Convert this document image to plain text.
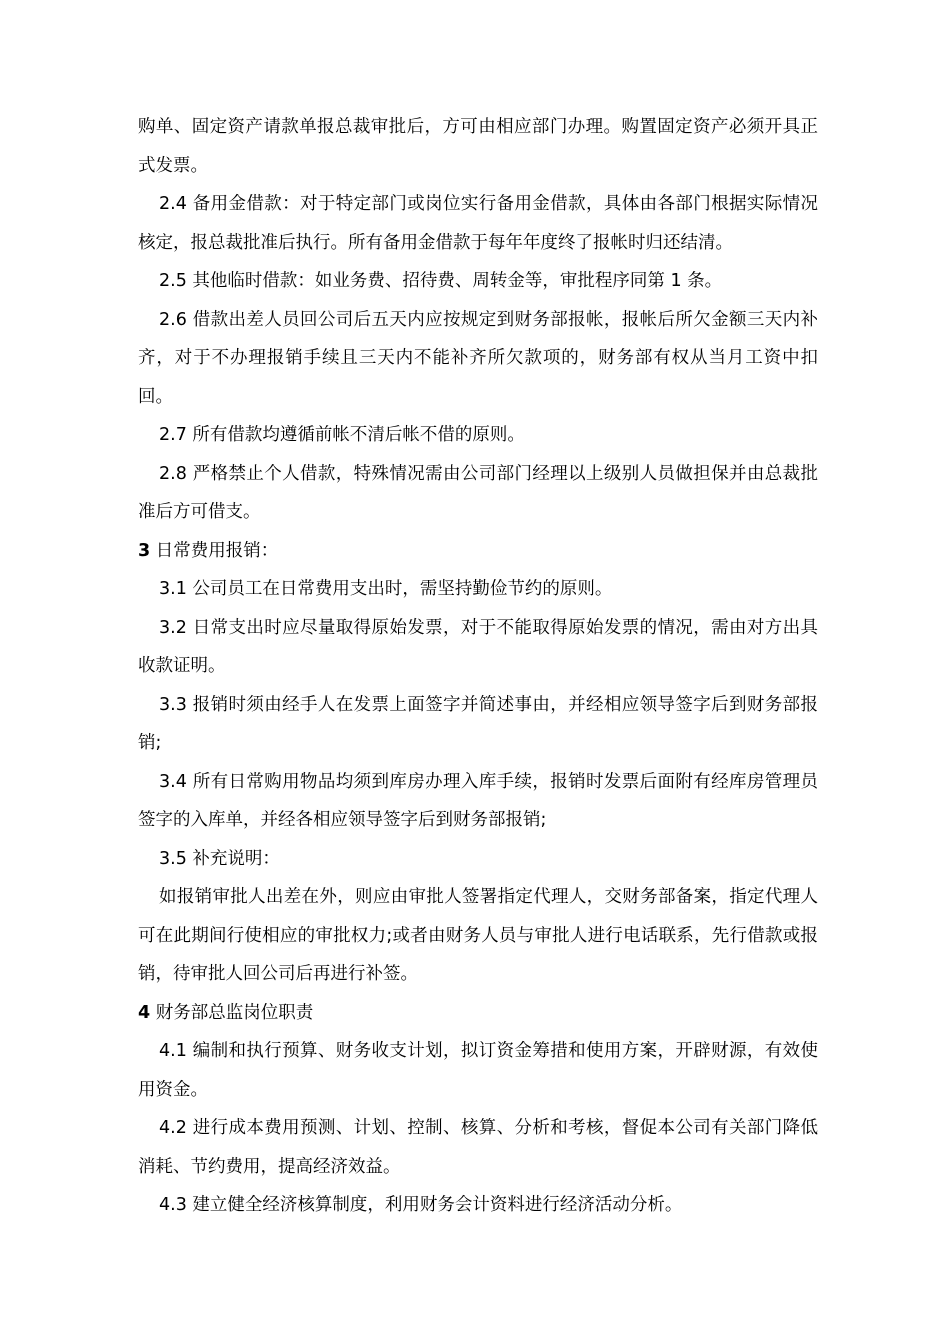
购单、固定资产请款单报总裁审批后，方可由相应部门办理。购置固定资产必须开具正式发票。

2.4 备用金借款：对于特定部门或岗位实行备用金借款，具体由各部门根据实际情况核定，报总裁批准后执行。所有备用金借款于每年年度终了报帐时归还结清。

2.5 其他临时借款：如业务费、招待费、周转金等，审批程序同第 1 条。

2.6 借款出差人员回公司后五天内应按规定到财务部报帐，报帐后所欠金额三天内补齐，对于不办理报销手续且三天内不能补齐所欠款项的，财务部有权从当月工资中扣回。

2.7 所有借款均遵循前帐不清后帐不借的原则。

2.8 严格禁止个人借款，特殊情况需由公司部门经理以上级别人员做担保并由总裁批准后方可借支。

3 日常费用报销：

3.1 公司员工在日常费用支出时，需坚持勤俭节约的原则。

3.2 日常支出时应尽量取得原始发票，对于不能取得原始发票的情况，需由对方出具收款证明。

3.3 报销时须由经手人在发票上面签字并简述事由，并经相应领导签字后到财务部报销;

3.4 所有日常购用物品均须到库房办理入库手续，报销时发票后面附有经库房管理员签字的入库单，并经各相应领导签字后到财务部报销;

3.5 补充说明：

如报销审批人出差在外，则应由审批人签署指定代理人，交财务部备案，指定代理人可在此期间行使相应的审批权力;或者由财务人员与审批人进行电话联系，先行借款或报销，待审批人回公司后再进行补签。

4 财务部总监岗位职责

4.1 编制和执行预算、财务收支计划，拟订资金筹措和使用方案，开辟财源，有效使用资金。

4.2 进行成本费用预测、计划、控制、核算、分析和考核，督促本公司有关部门降低消耗、节约费用，提高经济效益。

4.3 建立健全经济核算制度，利用财务会计资料进行经济活动分析。
